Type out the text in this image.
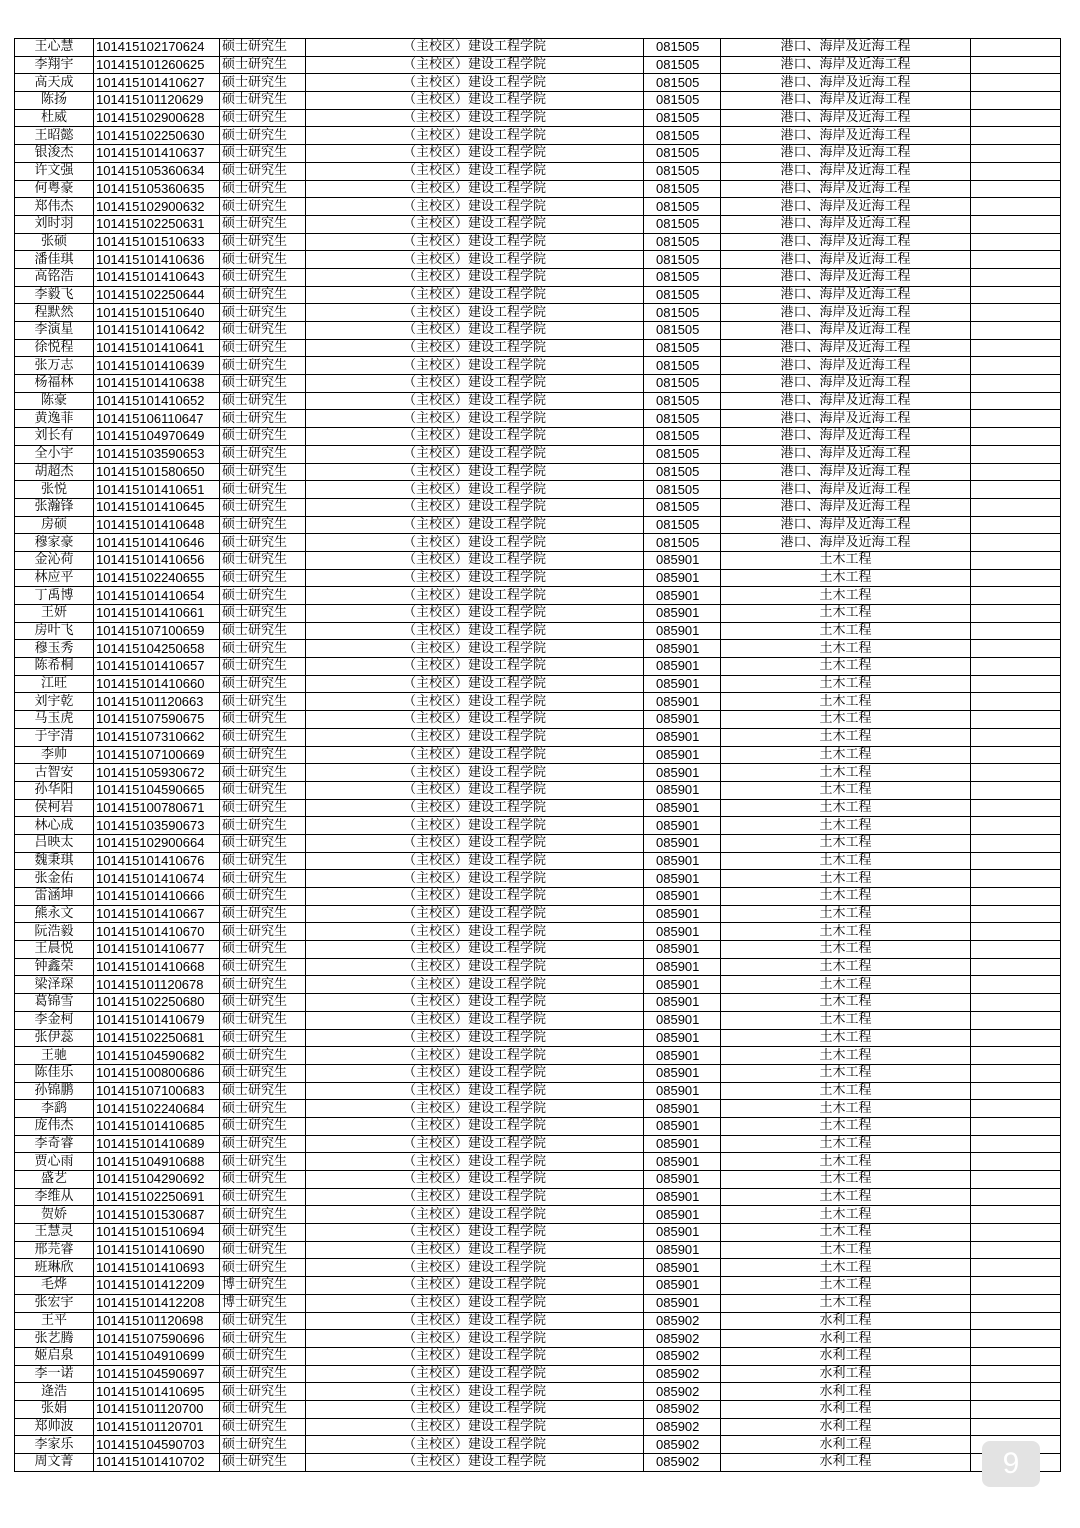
王心慧	101415102170624	硕士研究生	（主校区）建设工程学院	081505	港口、海岸及近海工程	
李翔宇	101415101260625	硕士研究生	（主校区）建设工程学院	081505	港口、海岸及近海工程	
高天成	101415101410627	硕士研究生	（主校区）建设工程学院	081505	港口、海岸及近海工程	
陈扬	101415101120629	硕士研究生	（主校区）建设工程学院	081505	港口、海岸及近海工程	
杜威	101415102900628	硕士研究生	（主校区）建设工程学院	081505	港口、海岸及近海工程	
王昭懿	101415102250630	硕士研究生	（主校区）建设工程学院	081505	港口、海岸及近海工程	
银浚杰	101415101410637	硕士研究生	（主校区）建设工程学院	081505	港口、海岸及近海工程	
许文强	101415105360634	硕士研究生	（主校区）建设工程学院	081505	港口、海岸及近海工程	
何粤豪	101415105360635	硕士研究生	（主校区）建设工程学院	081505	港口、海岸及近海工程	
郑伟杰	101415102900632	硕士研究生	（主校区）建设工程学院	081505	港口、海岸及近海工程	
刘时羽	101415102250631	硕士研究生	（主校区）建设工程学院	081505	港口、海岸及近海工程	
张硕	101415101510633	硕士研究生	（主校区）建设工程学院	081505	港口、海岸及近海工程	
潘佳琪	101415101410636	硕士研究生	（主校区）建设工程学院	081505	港口、海岸及近海工程	
高铭浩	101415101410643	硕士研究生	（主校区）建设工程学院	081505	港口、海岸及近海工程	
李毅飞	101415102250644	硕士研究生	（主校区）建设工程学院	081505	港口、海岸及近海工程	
程默然	101415101510640	硕士研究生	（主校区）建设工程学院	081505	港口、海岸及近海工程	
李演星	101415101410642	硕士研究生	（主校区）建设工程学院	081505	港口、海岸及近海工程	
徐悦程	101415101410641	硕士研究生	（主校区）建设工程学院	081505	港口、海岸及近海工程	
张万志	101415101410639	硕士研究生	（主校区）建设工程学院	081505	港口、海岸及近海工程	
杨福林	101415101410638	硕士研究生	（主校区）建设工程学院	081505	港口、海岸及近海工程	
陈豪	101415101410652	硕士研究生	（主校区）建设工程学院	081505	港口、海岸及近海工程	
黄逸菲	101415106110647	硕士研究生	（主校区）建设工程学院	081505	港口、海岸及近海工程	
刘长有	101415104970649	硕士研究生	（主校区）建设工程学院	081505	港口、海岸及近海工程	
全小宇	101415103590653	硕士研究生	（主校区）建设工程学院	081505	港口、海岸及近海工程	
胡超杰	101415101580650	硕士研究生	（主校区）建设工程学院	081505	港口、海岸及近海工程	
张悦	101415101410651	硕士研究生	（主校区）建设工程学院	081505	港口、海岸及近海工程	
张瀚锋	101415101410645	硕士研究生	（主校区）建设工程学院	081505	港口、海岸及近海工程	
房硕	101415101410648	硕士研究生	（主校区）建设工程学院	081505	港口、海岸及近海工程	
穆家豪	101415101410646	硕士研究生	（主校区）建设工程学院	081505	港口、海岸及近海工程	
金沁荷	101415101410656	硕士研究生	（主校区）建设工程学院	085901	土木工程	
林应平	101415102240655	硕士研究生	（主校区）建设工程学院	085901	土木工程	
丁禹博	101415101410654	硕士研究生	（主校区）建设工程学院	085901	土木工程	
王妍	101415101410661	硕士研究生	（主校区）建设工程学院	085901	土木工程	
房叶飞	101415107100659	硕士研究生	（主校区）建设工程学院	085901	土木工程	
穆玉秀	101415104250658	硕士研究生	（主校区）建设工程学院	085901	土木工程	
陈希桐	101415101410657	硕士研究生	（主校区）建设工程学院	085901	土木工程	
江旺	101415101410660	硕士研究生	（主校区）建设工程学院	085901	土木工程	
刘宇乾	101415101120663	硕士研究生	（主校区）建设工程学院	085901	土木工程	
马玉虎	101415107590675	硕士研究生	（主校区）建设工程学院	085901	土木工程	
于宇清	101415107310662	硕士研究生	（主校区）建设工程学院	085901	土木工程	
李帅	101415107100669	硕士研究生	（主校区）建设工程学院	085901	土木工程	
古智安	101415105930672	硕士研究生	（主校区）建设工程学院	085901	土木工程	
孙华阳	101415104590665	硕士研究生	（主校区）建设工程学院	085901	土木工程	
侯柯岩	101415100780671	硕士研究生	（主校区）建设工程学院	085901	土木工程	
林心成	101415103590673	硕士研究生	（主校区）建设工程学院	085901	土木工程	
吕映太	101415102900664	硕士研究生	（主校区）建设工程学院	085901	土木工程	
魏秉琪	101415101410676	硕士研究生	（主校区）建设工程学院	085901	土木工程	
张金佑	101415101410674	硕士研究生	（主校区）建设工程学院	085901	土木工程	
雷涵坤	101415101410666	硕士研究生	（主校区）建设工程学院	085901	土木工程	
熊永文	101415101410667	硕士研究生	（主校区）建设工程学院	085901	土木工程	
阮浩毅	101415101410670	硕士研究生	（主校区）建设工程学院	085901	土木工程	
王晨悦	101415101410677	硕士研究生	（主校区）建设工程学院	085901	土木工程	
钟鑫荣	101415101410668	硕士研究生	（主校区）建设工程学院	085901	土木工程	
梁泽琛	101415101120678	硕士研究生	（主校区）建设工程学院	085901	土木工程	
葛锦雪	101415102250680	硕士研究生	（主校区）建设工程学院	085901	土木工程	
李金柯	101415101410679	硕士研究生	（主校区）建设工程学院	085901	土木工程	
张伊蕊	101415102250681	硕士研究生	（主校区）建设工程学院	085901	土木工程	
王驰	101415104590682	硕士研究生	（主校区）建设工程学院	085901	土木工程	
陈佳乐	101415100800686	硕士研究生	（主校区）建设工程学院	085901	土木工程	
孙锦鹏	101415107100683	硕士研究生	（主校区）建设工程学院	085901	土木工程	
李鹞	101415102240684	硕士研究生	（主校区）建设工程学院	085901	土木工程	
庞伟杰	101415101410685	硕士研究生	（主校区）建设工程学院	085901	土木工程	
李奇睿	101415101410689	硕士研究生	（主校区）建设工程学院	085901	土木工程	
贾心雨	101415104910688	硕士研究生	（主校区）建设工程学院	085901	土木工程	
盛艺	101415104290692	硕士研究生	（主校区）建设工程学院	085901	土木工程	
李维从	101415102250691	硕士研究生	（主校区）建设工程学院	085901	土木工程	
贺娇	101415101530687	硕士研究生	（主校区）建设工程学院	085901	土木工程	
王慧灵	101415101510694	硕士研究生	（主校区）建设工程学院	085901	土木工程	
邢芫睿	101415101410690	硕士研究生	（主校区）建设工程学院	085901	土木工程	
班琳欣	101415101410693	硕士研究生	（主校区）建设工程学院	085901	土木工程	
毛烨	101415101412209	博士研究生	（主校区）建设工程学院	085901	土木工程	
张宏宇	101415101412208	博士研究生	（主校区）建设工程学院	085901	土木工程	
王平	101415101120698	硕士研究生	（主校区）建设工程学院	085902	水利工程	
张艺腾	101415107590696	硕士研究生	（主校区）建设工程学院	085902	水利工程	
姬启泉	101415104910699	硕士研究生	（主校区）建设工程学院	085902	水利工程	
李一诺	101415104590697	硕士研究生	（主校区）建设工程学院	085902	水利工程	
逄浩	101415101410695	硕士研究生	（主校区）建设工程学院	085902	水利工程	
张娟	101415101120700	硕士研究生	（主校区）建设工程学院	085902	水利工程	
郑帅波	101415101120701	硕士研究生	（主校区）建设工程学院	085902	水利工程	
李家乐	101415104590703	硕士研究生	（主校区）建设工程学院	085902	水利工程	
周文菁	101415101410702	硕士研究生	（主校区）建设工程学院	085902	水利工程		9
